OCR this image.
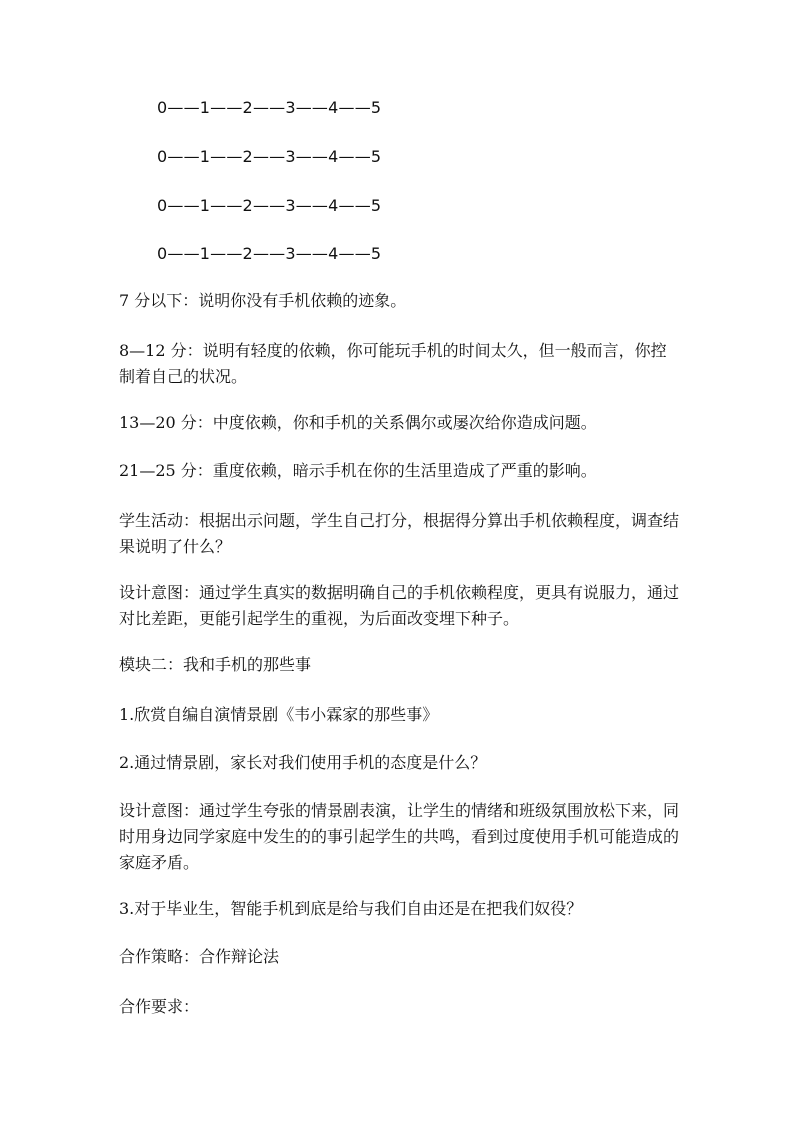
0——1——2——3——4——5
0——1——2——3——4——5
0——1——2——3——4——5
0——1——2——3——4——5

7 分以下：说明你没有手机依赖的迹象。

8—12 分：说明有轻度的依赖，你可能玩手机的时间太久，但一般而言，你控制着自己的状况。

13—20 分：中度依赖，你和手机的关系偶尔或屡次给你造成问题。

21—25 分：重度依赖，暗示手机在你的生活里造成了严重的影响。

学生活动：根据出示问题，学生自己打分，根据得分算出手机依赖程度，调查结果说明了什么？

设计意图：通过学生真实的数据明确自己的手机依赖程度，更具有说服力，通过对比差距，更能引起学生的重视，为后面改变埋下种子。

模块二：我和手机的那些事

1.欣赏自编自演情景剧《韦小霖家的那些事》

2.通过情景剧，家长对我们使用手机的态度是什么？

设计意图：通过学生夸张的情景剧表演，让学生的情绪和班级氛围放松下来，同时用身边同学家庭中发生的的事引起学生的共鸣，看到过度使用手机可能造成的家庭矛盾。

3.对于毕业生，智能手机到底是给与我们自由还是在把我们奴役？

合作策略：合作辩论法

合作要求：
